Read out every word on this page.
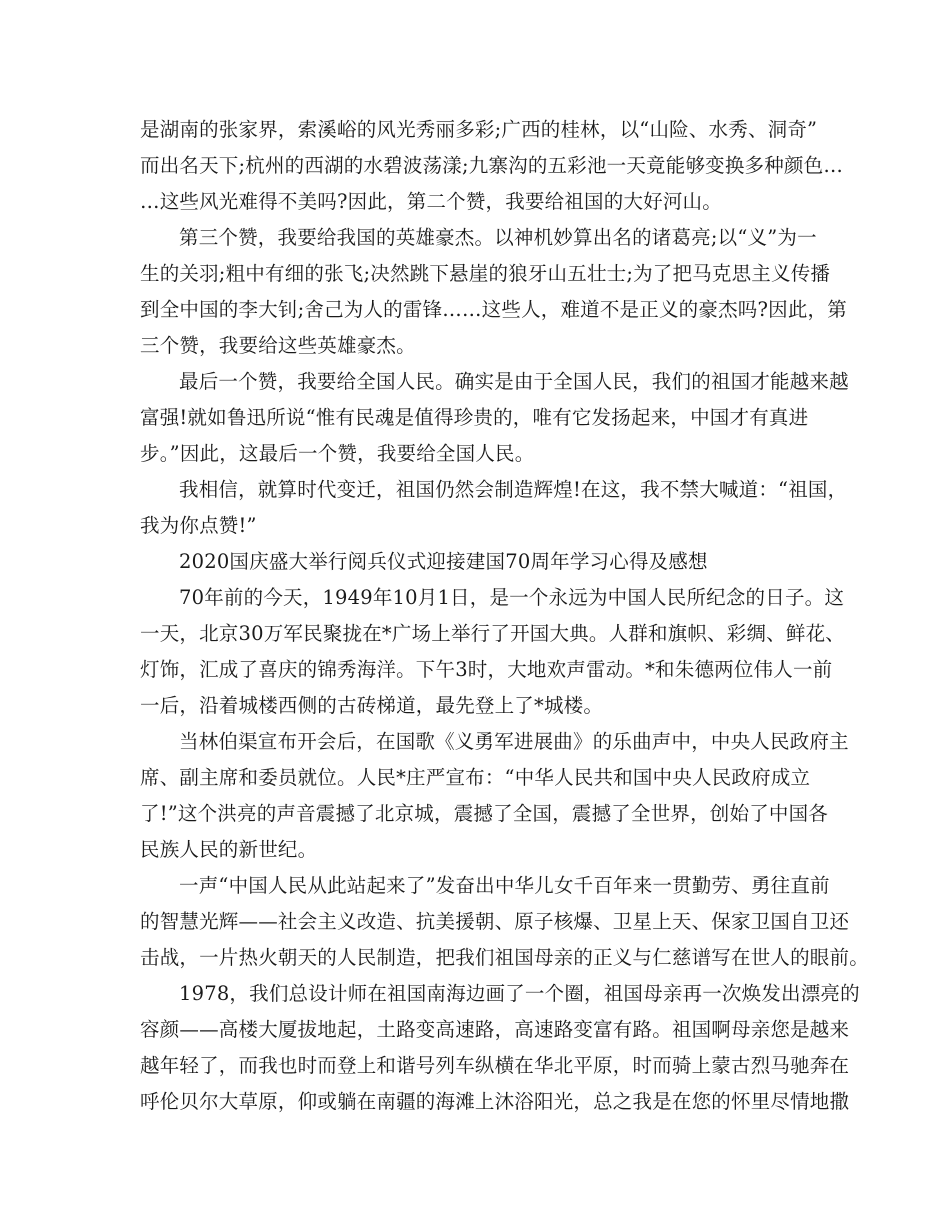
是湖南的张家界，索溪峪的风光秀丽多彩;广西的桂林，以“山险、水秀、洞奇”
而出名天下;杭州的西湖的水碧波荡漾;九寨沟的五彩池一天竟能够变换多种颜色…
…这些风光难得不美吗?因此，第二个赞，我要给祖国的大好河山。
第三个赞，我要给我国的英雄豪杰。以神机妙算出名的诸葛亮;以“义”为一
生的关羽;粗中有细的张飞;决然跳下悬崖的狼牙山五壮士;为了把马克思主义传播
到全中国的李大钊;舍己为人的雷锋……这些人，难道不是正义的豪杰吗?因此，第
三个赞，我要给这些英雄豪杰。
最后一个赞，我要给全国人民。确实是由于全国人民，我们的祖国才能越来越
富强!就如鲁迅所说“惟有民魂是值得珍贵的，唯有它发扬起来，中国才有真进
步。”因此，这最后一个赞，我要给全国人民。
我相信，就算时代变迁，祖国仍然会制造辉煌!在这，我不禁大喊道：“祖国，
我为你点赞!”
2020国庆盛大举行阅兵仪式迎接建国70周年学习心得及感想
70年前的今天，1949年10月1日，是一个永远为中国人民所纪念的日子。这
一天，北京30万军民聚拢在*广场上举行了开国大典。人群和旗帜、彩绸、鲜花、
灯饰，汇成了喜庆的锦秀海洋。下午3时，大地欢声雷动。*和朱德两位伟人一前
一后，沿着城楼西侧的古砖梯道，最先登上了*城楼。
当林伯渠宣布开会后，在国歌《义勇军进展曲》的乐曲声中，中央人民政府主
席、副主席和委员就位。人民*庄严宣布：“中华人民共和国中央人民政府成立
了!”这个洪亮的声音震撼了北京城，震撼了全国，震撼了全世界，创始了中国各
民族人民的新世纪。
一声“中国人民从此站起来了”发奋出中华儿女千百年来一贯勤劳、勇往直前
的智慧光辉——社会主义改造、抗美援朝、原子核爆、卫星上天、保家卫国自卫还
击战，一片热火朝天的人民制造，把我们祖国母亲的正义与仁慈谱写在世人的眼前。
1978，我们总设计师在祖国南海边画了一个圈，祖国母亲再一次焕发出漂亮的
容颜——高楼大厦拔地起，土路变高速路，高速路变富有路。祖国啊母亲您是越来
越年轻了，而我也时而登上和谐号列车纵横在华北平原，时而骑上蒙古烈马驰奔在
呼伦贝尔大草原，仰或躺在南疆的海滩上沐浴阳光，总之我是在您的怀里尽情地撒
